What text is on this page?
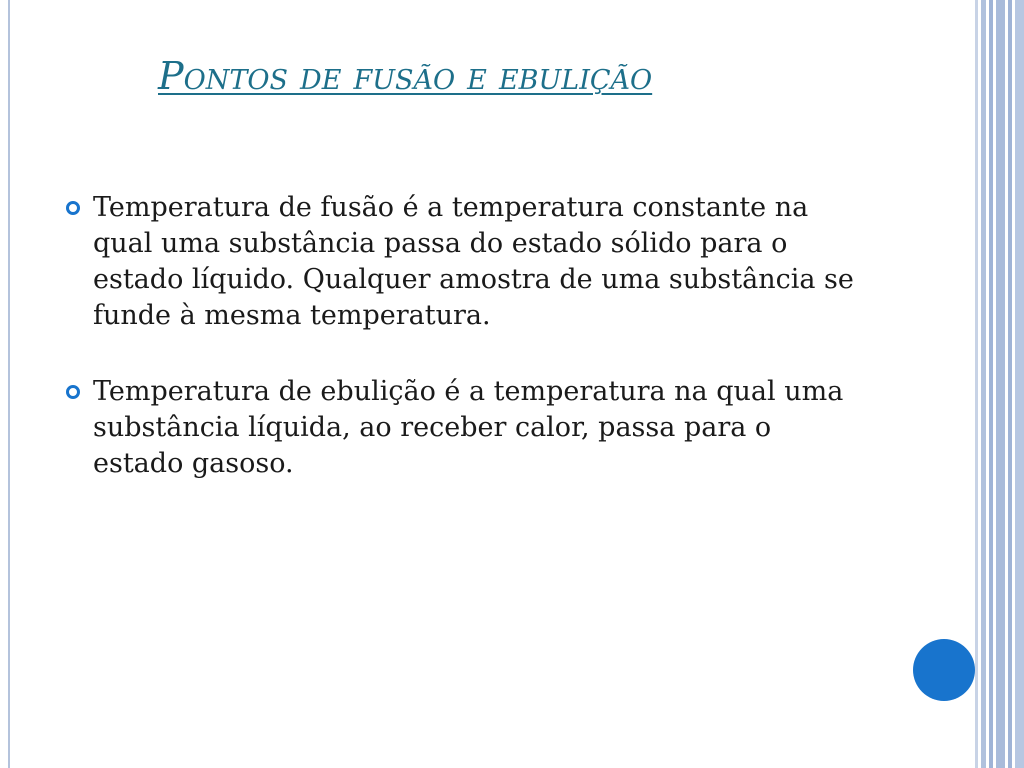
Pontos de fusão e ebulição
Temperatura de fusão é a temperatura constante na qual uma substância passa do estado sólido para o estado líquido. Qualquer amostra de uma substância se funde à mesma temperatura.
Temperatura de ebulição é a temperatura na qual uma substância líquida, ao receber calor, passa para o estado gasoso.
